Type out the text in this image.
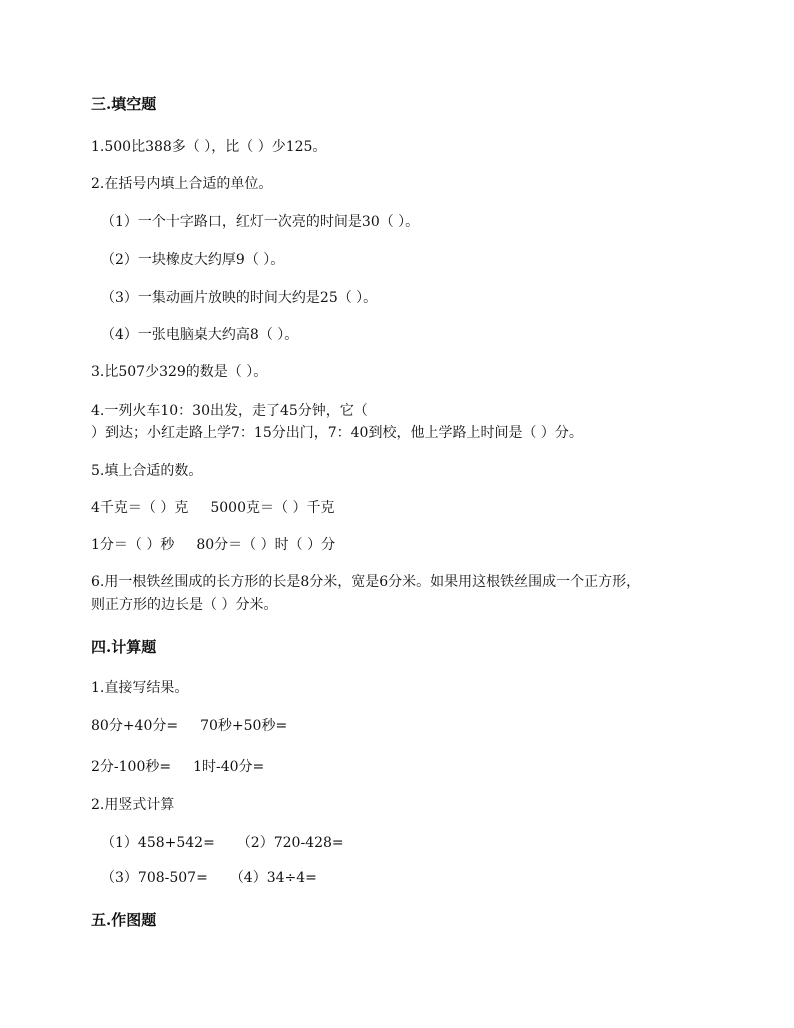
三.填空题
1.500比388多（ ），比（ ）少125。
2.在括号内填上合适的单位。
（1）一个十字路口，红灯一次亮的时间是30（ ）。
（2）一块橡皮大约厚9（ ）。
（3）一集动画片放映的时间大约是25（ ）。
（4）一张电脑桌大约高8（ ）。
3.比507少329的数是（ ）。
4.一列火车10：30出发，走了45分钟，它（
）到达；小红走路上学7：15分出门，7：40到校，他上学路上时间是（ ）分。
5.填上合适的数。
4千克＝（ ）克 5000克＝（ ）千克
1分＝（ ）秒 80分＝（ ）时（ ）分
6.用一根铁丝围成的长方形的长是8分米，宽是6分米。如果用这根铁丝围成一个正方形，
则正方形的边长是（ ）分米。
四.计算题
1.直接写结果。
80分+40分= 70秒+50秒=
2分-100秒= 1时-40分=
2.用竖式计算
（1）458+542= （2）720-428=
（3）708-507= （4）34÷4=
五.作图题
